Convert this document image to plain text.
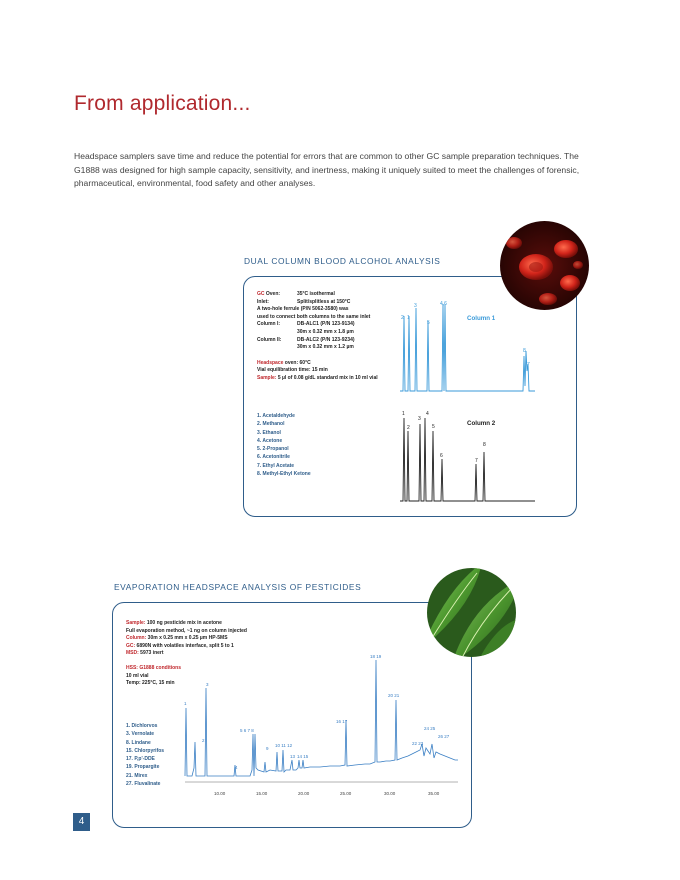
From application...
Headspace samplers save time and reduce the potential for errors that are common to other GC sample preparation techniques. The G1888 was designed for high sample capacity, sensitivity, and inertness, making it uniquely suited to meet the challenges of forensic, pharmaceutical, environmental, food safety and other analyses.
DUAL COLUMN BLOOD ALCOHOL ANALYSIS
GC Oven:	35°C isothermal
Inlet:	Split/splitless at 150°C
A two-hole ferrule (P/N 5062-3580) was
used to connect both columns to the same inlet
Column I:	DB-ALC1 (P/N 123-9134)
30m x 0.32 mm x 1.8 µm
Column II:	DB-ALC2 (P/N 123-9234)
30m x 0.32 mm x 1.2 µm
Headspace oven: 60°C
Vial equilibration time: 15 min
Sample: 5 µl of 0.08 g/dL standard mix in 10 ml vial
1. Acetaldehyde
2. Methanol
3. Ethanol
4. Acetone
5. 2-Propanol
6. Acetonitrile
7. Ethyl Acetate
8. Methyl-Ethyl Ketone
Column 1
2 1
3
5
4,6
8
7
Column 2
1
2
3
4
5
6
7
8
EVAPORATION HEADSPACE ANALYSIS OF PESTICIDES
Sample: 100 ng pesticide mix in acetone
Full evaporation method, ~1 ng on column injected
Column: 30m x 0.25 mm x 0.25 µm HP-5MS
GC: 6890N with volatiles interface, split 5 to 1
MSD: 5973 inert
HSS: G1888 conditions
10 ml vial
Temp: 225°C, 15 min
1. Dichlorvos
3. Vernolate
8. Lindane
15. Chlorpyrifos
17. P,p'-DDE
19. Propargite
21. Mirex
27. Fluvalinate
10.00	15.00	20.00	25.00	30.00	35.00
1
2
3
4
5 6 7 8
9
10 11 12
13 14 15
16 17
18 19
20 21
22 23
24 25
26 27
4
